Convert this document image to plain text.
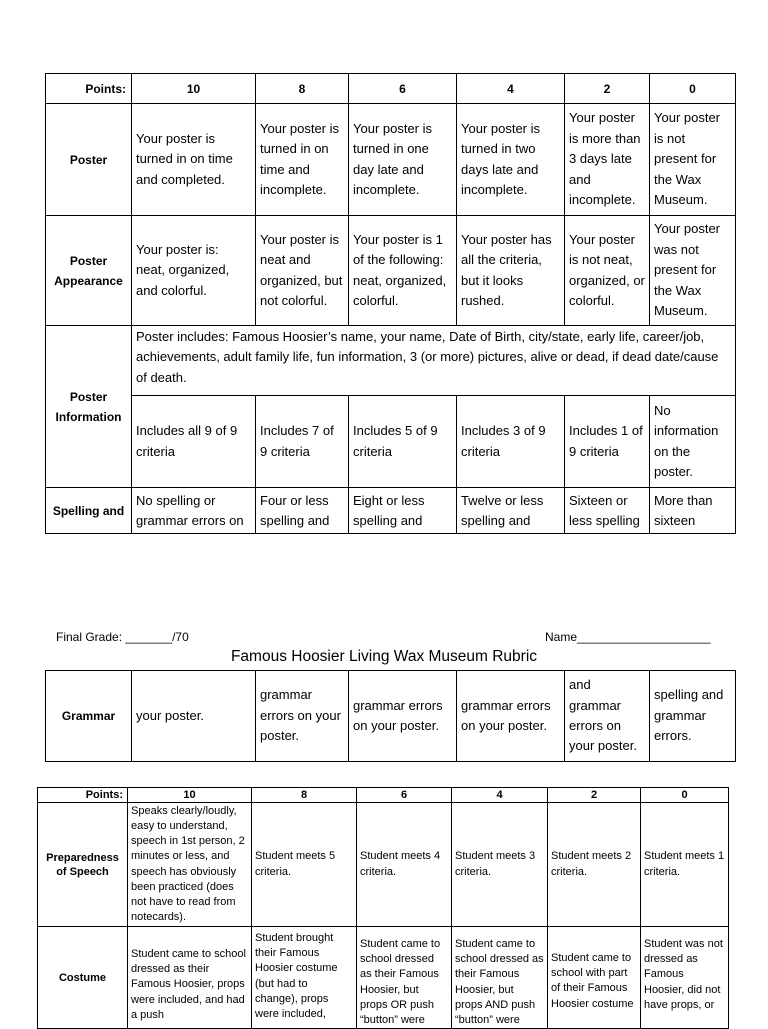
Points:	10	8	6	4	2	0
Poster	Your poster is turned in on time and completed.	Your poster is turned in on time and incomplete.	Your poster is turned in one day late and incomplete.	Your poster is turned in two days late and incomplete.	Your poster is more than 3 days late and incomplete.	Your poster is not present for the Wax Museum.
Poster Appearance	Your poster is: neat, organized, and colorful.	Your poster is neat and organized, but not colorful.	Your poster is 1 of the following: neat, organized, colorful.	Your poster has all the criteria, but it looks rushed.	Your poster is not neat, organized, or colorful.	Your poster was not present for the Wax Museum.
Poster Information	Poster includes: Famous Hoosier’s name, your name, Date of Birth, city/state, early life, career/job, achievements, adult family life, fun information, 3 (or more) pictures, alive or dead, if dead date/cause of death.					
	Includes all 9 of 9 criteria	Includes 7 of 9 criteria	Includes 5 of 9 criteria	Includes 3 of 9 criteria	Includes 1 of 9 criteria	No information on the poster.
Spelling and	No spelling or grammar errors on	Four or less spelling and	Eight or less spelling and	Twelve or less spelling and	Sixteen or less spelling	More than sixteen
Final Grade: _______/70	Name____________________
Famous Hoosier Living Wax Museum Rubric
Grammar	your poster.	grammar errors on your poster.	grammar errors on your poster.	grammar errors on your poster.	and grammar errors on your poster.	spelling and grammar errors.
Points:	10	8	6	4	2	0
Preparedness of Speech	Speaks clearly/loudly, easy to understand, speech in 1st person, 2 minutes or less, and speech has obviously been practiced (does not have to read from notecards).	Student meets 5 criteria.	Student meets 4 criteria.	Student meets 3 criteria.	Student meets 2 criteria.	Student meets 1 criteria.
Costume	Student came to school dressed as their Famous Hoosier, props were included, and had a push	Student brought their Famous Hoosier costume (but had to change), props were included,	Student came to school dressed as their Famous Hoosier, but props OR push “button” were	Student came to school dressed as their Famous Hoosier, but props AND push “button” were	Student came to school with part of their Famous Hoosier costume	Student was not dressed as Famous Hoosier, did not have props, or
